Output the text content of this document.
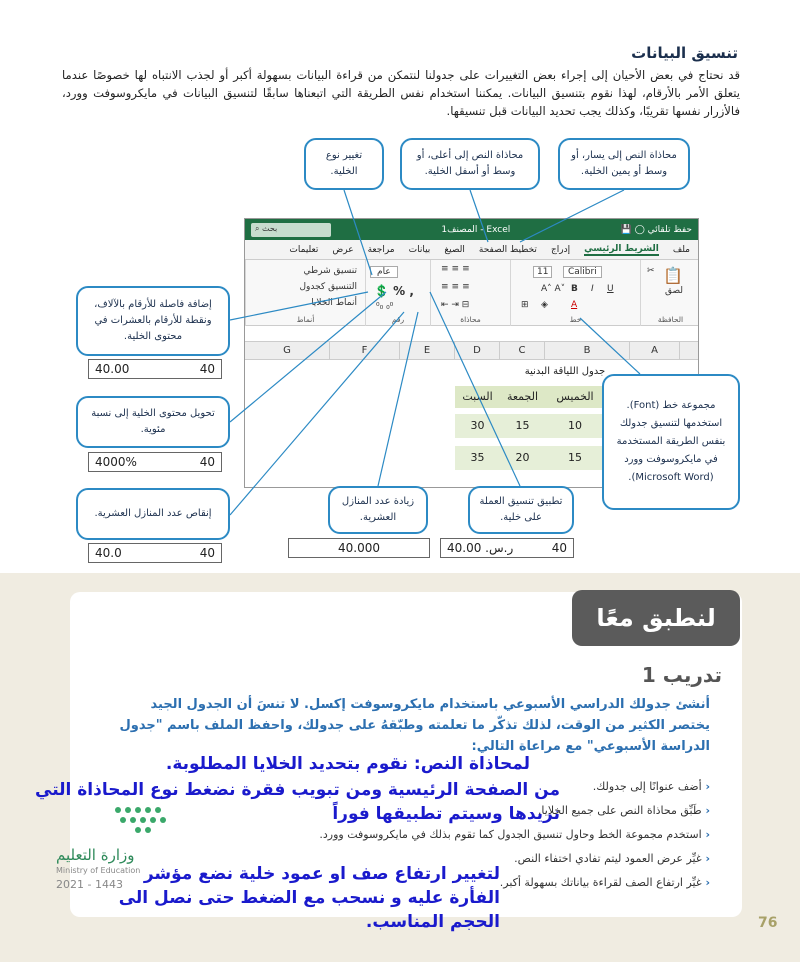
تنسيق البيانات

قد نحتاج في بعض الأحيان إلى إجراء بعض التغييرات على جدولنا لنتمكن من قراءة البيانات بسهولة أكبر أو لجذب الانتباه لها خصوصًا عندما يتعلق الأمر بالأرقام، لهذا نقوم بتنسيق البيانات. يمكننا استخدام نفس الطريقة التي اتبعناها سابقًا لتنسيق البيانات في مايكروسوفت وورد، فالأزرار نفسها تقريبًا، وكذلك يجب تحديد البيانات قبل تنسيقها.

تغيير نوع الخلية.
محاذاة النص إلى أعلى، أو وسط أو أسفل الخلية.
محاذاة النص إلى يسار، أو وسط أو يمين الخلية.
⌕ بحث	المصنف1 - Excel	💾 ◯ حفظ تلقائي
ملف
الشريط الرئيسي
إدراج
تخطيط الصفحة
الصيغ
بيانات
مراجعة
عرض
تعليمات
📋
لصق
✂
الحافظة
Calibri
11
B I U
A˄ A˅
A
◈
⊞
خط
≡≡≡
≡≡≡
⇤ ⇥ ⊟
محاذاة
عام
💲 % ,
⁰₀ ₀⁰
رقم
تنسيق شرطي
التنسيق كجدول
أنماط الخلايا
أنماط
A
B
C
D
E
F
G
جدول اللياقة البدنية
السبت	الجمعة	الخميس
30	15	10
35	20	15
إضافة فاصلة للأرقام بالآلاف، ونقطة للأرقام بالعشرات في محتوى الخلية.
40.00	40
تحويل محتوى الخلية إلى نسبة مئوية.
4000%	40
إنقاص عدد المنازل العشرية.
40.0	40
زيادة عدد المنازل العشرية.
40.000
تطبيق تنسيق العملة على خلية.
ر.س. 40.00	40
مجموعة خط (Font). استخدمها لتنسيق جدولك بنفس الطريقة المستخدمة في مايكروسوفت وورد (Microsoft Word).
لنطبق معًا
تدريب 1

أنشئ جدولك الدراسي الأسبوعي باستخدام مايكروسوفت إكسل. لا تنسَ أن الجدول الجيد يختصر الكثير من الوقت، لذلك تذكّر ما تعلمته وطبّقهُ على جدولك، واحفظ الملف باسم "جدول الدراسة الأسبوعي" مع مراعاة التالي:

‹ أضف عنوانًا إلى جدولك.
‹ طَبِّق محاذاة النص على جميع الخلايا.
‹ استخدم مجموعة الخط وحاول تنسيق الجدول كما تقوم بذلك في مايكروسوفت وورد.
‹ غيِّر عرض العمود ليتم تفادي اختفاء النص.
‹ غيِّر ارتفاع الصف لقراءة بياناتك بسهولة أكبر.
لمحاذاة النص: نقوم بتحديد الخلايا المطلوبة.
من الصفحة الرئيسية ومن تبويب فقرة نضغط نوع المحاذاة التي نريدها وسيتم تطبيقها فوراً
لتغيير ارتفاع صف او عمود خلية نضع مؤشر الفأرة عليه و نسحب مع الضغط حتى نصل الى الحجم المناسب.
وزارة التعليم
Ministry of Education
2021 - 1443
76
